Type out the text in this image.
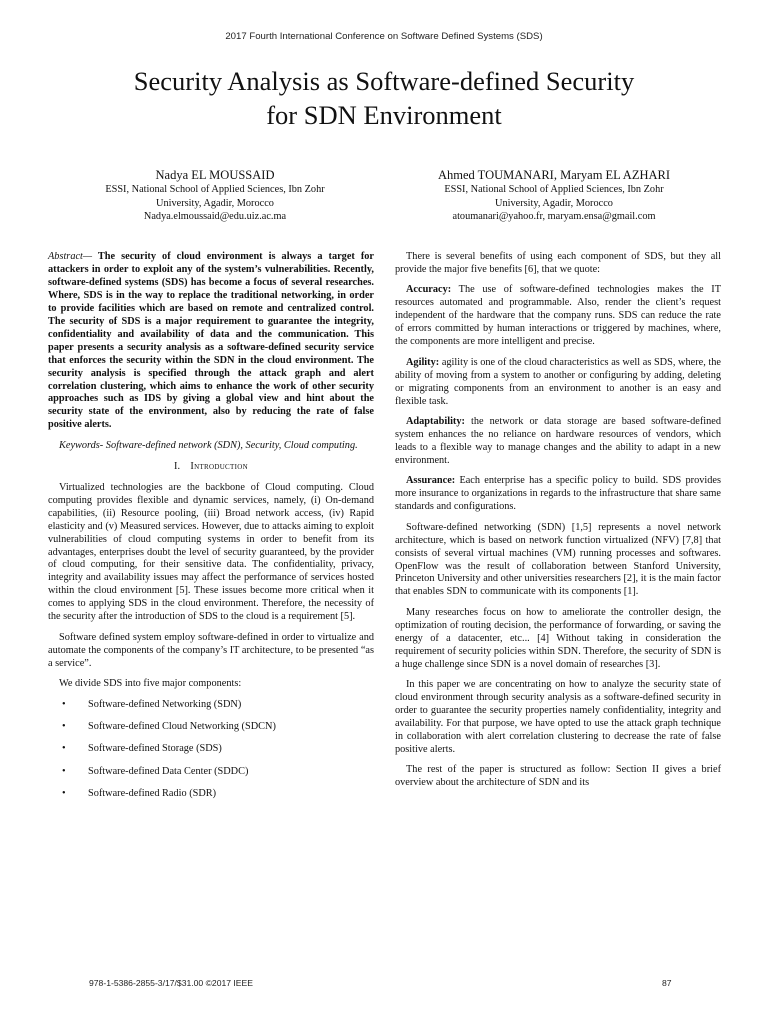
2017 Fourth International Conference on Software Defined Systems (SDS)
Security Analysis as Software-defined Security
for SDN Environment
Nadya EL MOUSSAID
ESSI, National School of Applied Sciences, Ibn Zohr
University, Agadir, Morocco
Nadya.elmoussaid@edu.uiz.ac.ma
Ahmed TOUMANARI, Maryam EL AZHARI
ESSI, National School of Applied Sciences, Ibn Zohr
University, Agadir, Morocco
atoumanari@yahoo.fr, maryam.ensa@gmail.com

Abstract— The security of cloud environment is always a target for attackers in order to exploit any of the system’s vulnerabilities. Recently, software-defined systems (SDS) has become a focus of several researches. Where, SDS is in the way to replace the traditional networking, in order to provide facilities which are based on remote and centralized control. The security of SDS is a major requirement to guarantee the integrity, confidentiality and availability of data and the communication. This paper presents a security analysis as a software-defined security service that enforces the security within the SDN in the cloud environment. The security analysis is specified through the attack graph and alert correlation clustering, which aims to enhance the work of other security approaches such as IDS by giving a global view and hint about the security state of the environment, also by reducing the rate of false positive alerts.

Keywords- Software-defined network (SDN), Security, Cloud computing.

I. Introduction

Virtualized technologies are the backbone of Cloud computing. Cloud computing provides flexible and dynamic services, namely, (i) On-demand capabilities, (ii) Resource pooling, (iii) Broad network access, (iv) Rapid elasticity and (v) Measured services. However, due to attacks aiming to exploit vulnerabilities of cloud computing systems in order to benefit from its advantages, enterprises doubt the level of security guaranteed, by the provider of cloud computing, for their sensitive data. The confidentiality, privacy, integrity and availability issues may affect the performance of services hosted within the cloud environment [5]. These issues become more critical when it comes to applying SDS in the cloud environment. Therefore, the necessity of the security after the introduction of SDS to the cloud is a requirement [5].

Software defined system employ software-defined in order to virtualize and automate the components of the company’s IT architecture, to be presented “as a service”.

We divide SDS into five major components:

• Software-defined Networking (SDN)
• Software-defined Cloud Networking (SDCN)
• Software-defined Storage (SDS)
• Software-defined Data Center (SDDC)
• Software-defined Radio (SDR)

There is several benefits of using each component of SDS, but they all provide the major five benefits [6], that we quote:

Accuracy: The use of software-defined technologies makes the IT resources automated and programmable. Also, render the client’s request independent of the hardware that the company runs. SDS can reduce the rate of errors committed by human interactions or triggered by machines, where, the components are more intelligent and precise.

Agility: agility is one of the cloud characteristics as well as SDS, where, the ability of moving from a system to another or configuring by adding, deleting or migrating components from an environment to another is an easy and flexible task.

Adaptability: the network or data storage are based software-defined system enhances the no reliance on hardware resources of vendors, which leads to a flexible way to manage changes and the ability to adapt in a new environment.

Assurance: Each enterprise has a specific policy to build. SDS provides more insurance to organizations in regards to the infrastructure that share same standards and configurations.

Software-defined networking (SDN) [1,5] represents a novel network architecture, which is based on network function virtualized (NFV) [7,8] that consists of several virtual machines (VM) running processes and softwares. OpenFlow was the result of collaboration between Stanford University, Princeton University and other universities researchers [2], it is the main factor that enables SDN to communicate with its components [1].

Many researches focus on how to ameliorate the controller design, the optimization of routing decision, the performance of forwarding, or saving the energy of a datacenter, etc... [4] Without taking in consideration the requirement of security policies within SDN. Therefore, the security of SDN is a huge challenge since SDN is a novel domain of researches [3].

In this paper we are concentrating on how to analyze the security state of cloud environment through security analysis as a software-defined security in order to guarantee the security properties namely confidentiality, integrity and availability. For that purpose, we have opted to use the attack graph technique in collaboration with alert correlation clustering to decrease the rate of false positive alerts.

The rest of the paper is structured as follow: Section II gives a brief overview about the architecture of SDN and its

978-1-5386-2855-3/17/$31.00 ©2017 IEEE	87
